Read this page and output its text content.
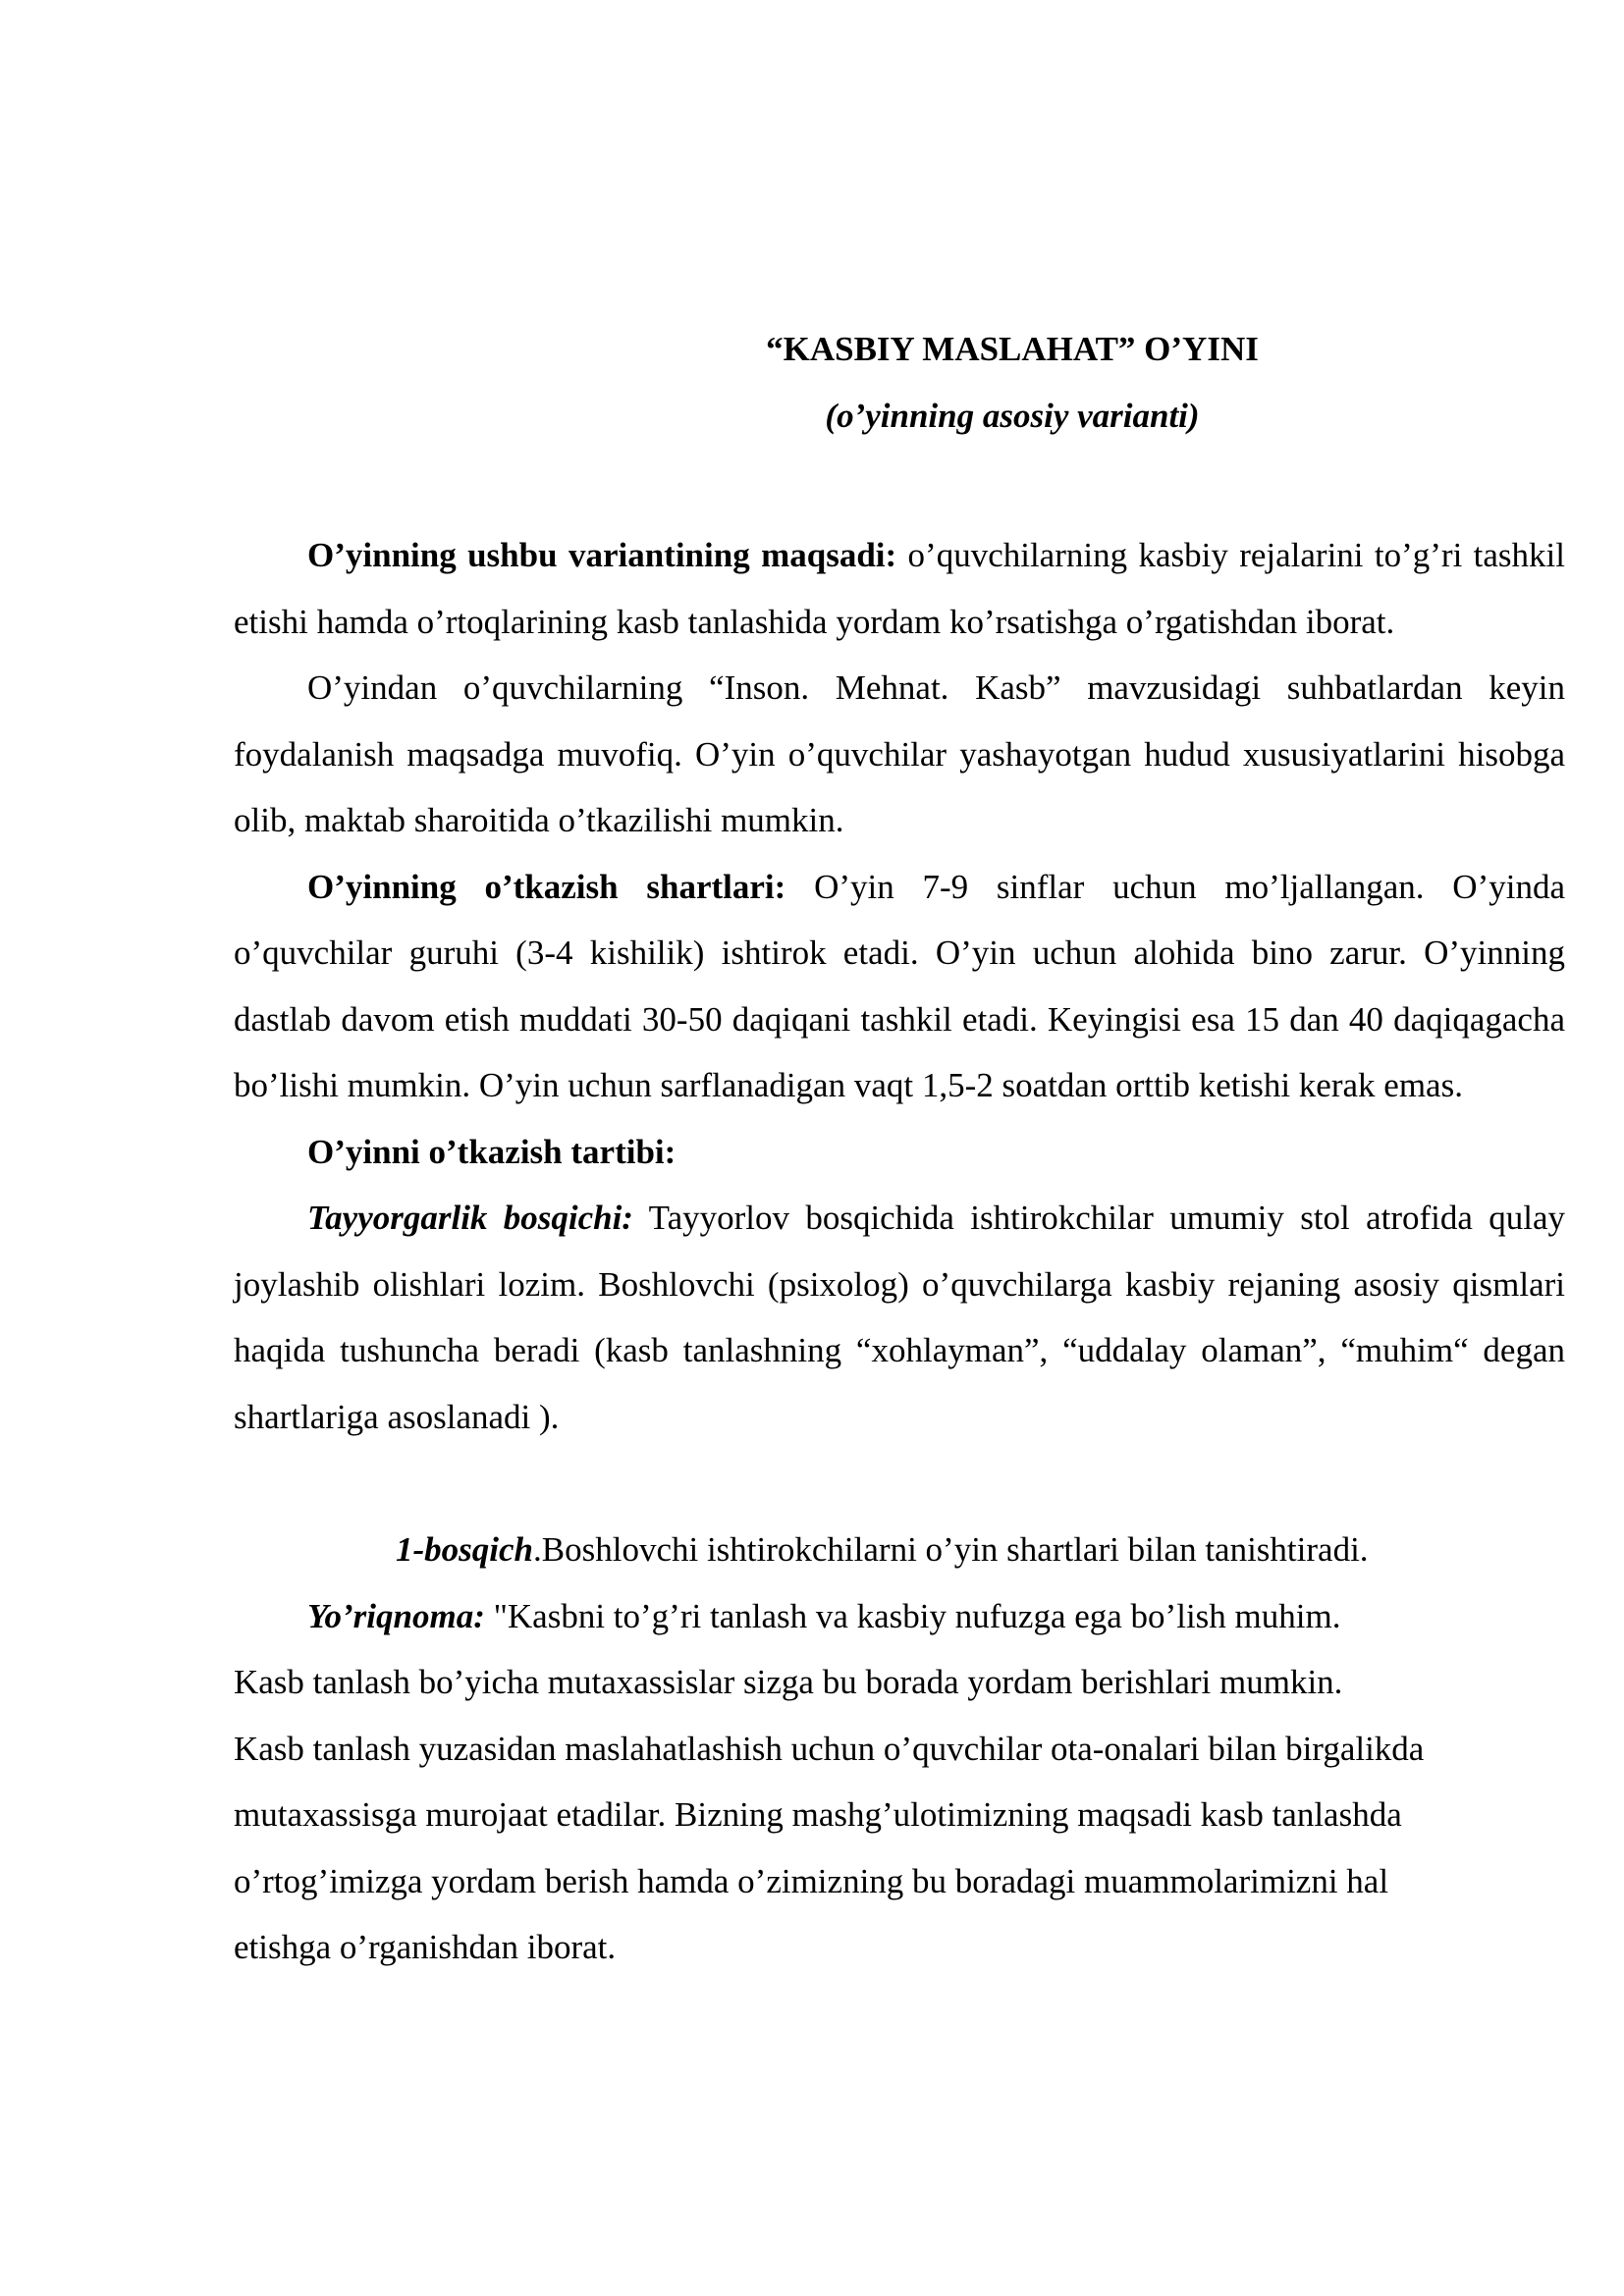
“KASBIY MASLAHAT” O’YINI

(o’yinning asosiy varianti)

O’yinning ushbu variantining maqsadi: o’quvchilarning kasbiy rejalarini to’g’ri tashkil etishi hamda o’rtoqlarining kasb tanlashida yordam ko’rsatishga o’rgatishdan iborat.

O’yindan o’quvchilarning “Inson. Mehnat. Kasb” mavzusidagi suhbatlardan keyin foydalanish maqsadga muvofiq. O’yin o’quvchilar yashayotgan hudud xususiyatlarini hisobga olib, maktab sharoitida o’tkazilishi mumkin.

O’yinning o’tkazish shartlari: O’yin 7-9 sinflar uchun mo’ljallangan. O’yinda o’quvchilar guruhi (3-4 kishilik) ishtirok etadi. O’yin uchun alohida bino zarur. O’yinning dastlab davom etish muddati 30-50 daqiqani tashkil etadi. Keyingisi esa 15 dan 40 daqiqagacha bo’lishi mumkin. O’yin uchun sarflanadigan vaqt 1,5-2 soatdan orttib ketishi kerak emas.

O’yinni o’tkazish tartibi:

Tayyorgarlik bosqichi: Tayyorlov bosqichida ishtirokchilar umumiy stol atrofida qulay joylashib olishlari lozim. Boshlovchi (psixolog) o’quvchilarga kasbiy rejaning asosiy qismlari haqida tushuncha beradi (kasb tanlashning “xohlayman”, “uddalay olaman”, “muhim“ degan shartlariga asoslanadi ).

1-bosqich.Boshlovchi ishtirokchilarni o’yin shartlari bilan tanishtiradi.

Yo’riqnoma: "Kasbni to’g’ri tanlash va kasbiy nufuzga ega bo’lish muhim.

Kasb tanlash bo’yicha mutaxassislar sizga bu borada yordam berishlari mumkin.

Kasb tanlash yuzasidan maslahatlashish uchun o’quvchilar ota-onalari bilan birgalikda

mutaxassisga murojaat etadilar. Bizning mashg’ulotimizning maqsadi kasb tanlashda

o’rtog’imizga yordam berish hamda o’zimizning bu boradagi muammolarimizni hal

etishga o’rganishdan iborat.
